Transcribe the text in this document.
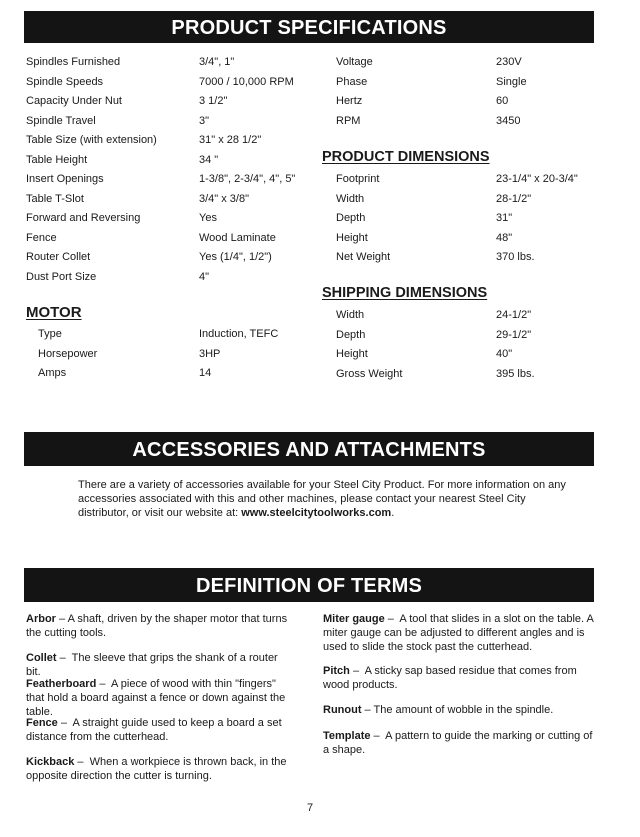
PRODUCT SPECIFICATIONS
Spindles Furnished	3/4", 1"
Spindle Speeds	7000 / 10,000 RPM
Capacity Under Nut	3 1/2"
Spindle Travel	3"
Table Size (with extension)	31" x 28 1/2"
Table Height	34 "
Insert Openings	1-3/8", 2-3/4", 4", 5"
Table T-Slot	3/4" x 3/8"
Forward and Reversing	Yes
Fence	Wood Laminate
Router Collet	Yes (1/4", 1/2")
Dust Port Size	4"
MOTOR
Type	Induction, TEFC
Horsepower	3HP
Amps	14
Voltage	230V
Phase	Single
Hertz	60
RPM	3450
PRODUCT DIMENSIONS
Footprint	23-1/4" x 20-3/4"
Width	28-1/2"
Depth	31"
Height	48"
Net Weight	370 lbs.
SHIPPING DIMENSIONS
Width	24-1/2"
Depth	29-1/2"
Height	40"
Gross Weight	395 lbs.
ACCESSORIES AND ATTACHMENTS
There are a variety of accessories available for your Steel City Product. For more information on any accessories associated with this and other machines, please contact your nearest Steel City distributor, or visit our website at: www.steelcitytoolworks.com.
DEFINITION OF TERMS
Arbor – A shaft, driven by the shaper motor that turns the cutting tools.
Collet –  The sleeve that grips the shank of a router bit.
Featherboard –  A piece of wood with thin "fingers" that hold a board against a fence or down against the table.
Fence –  A straight guide used to keep a board a set distance from the cutterhead.
Kickback –  When a workpiece is thrown back, in the opposite direction the cutter is turning.
Miter gauge –  A tool that slides in a slot on the table. A miter gauge can be adjusted to different angles and is used to slide the stock past the cutterhead.
Pitch –  A sticky sap based residue that comes from wood products.
Runout – The amount of wobble in the spindle.
Template –  A pattern to guide the marking or cutting of a shape.
7
